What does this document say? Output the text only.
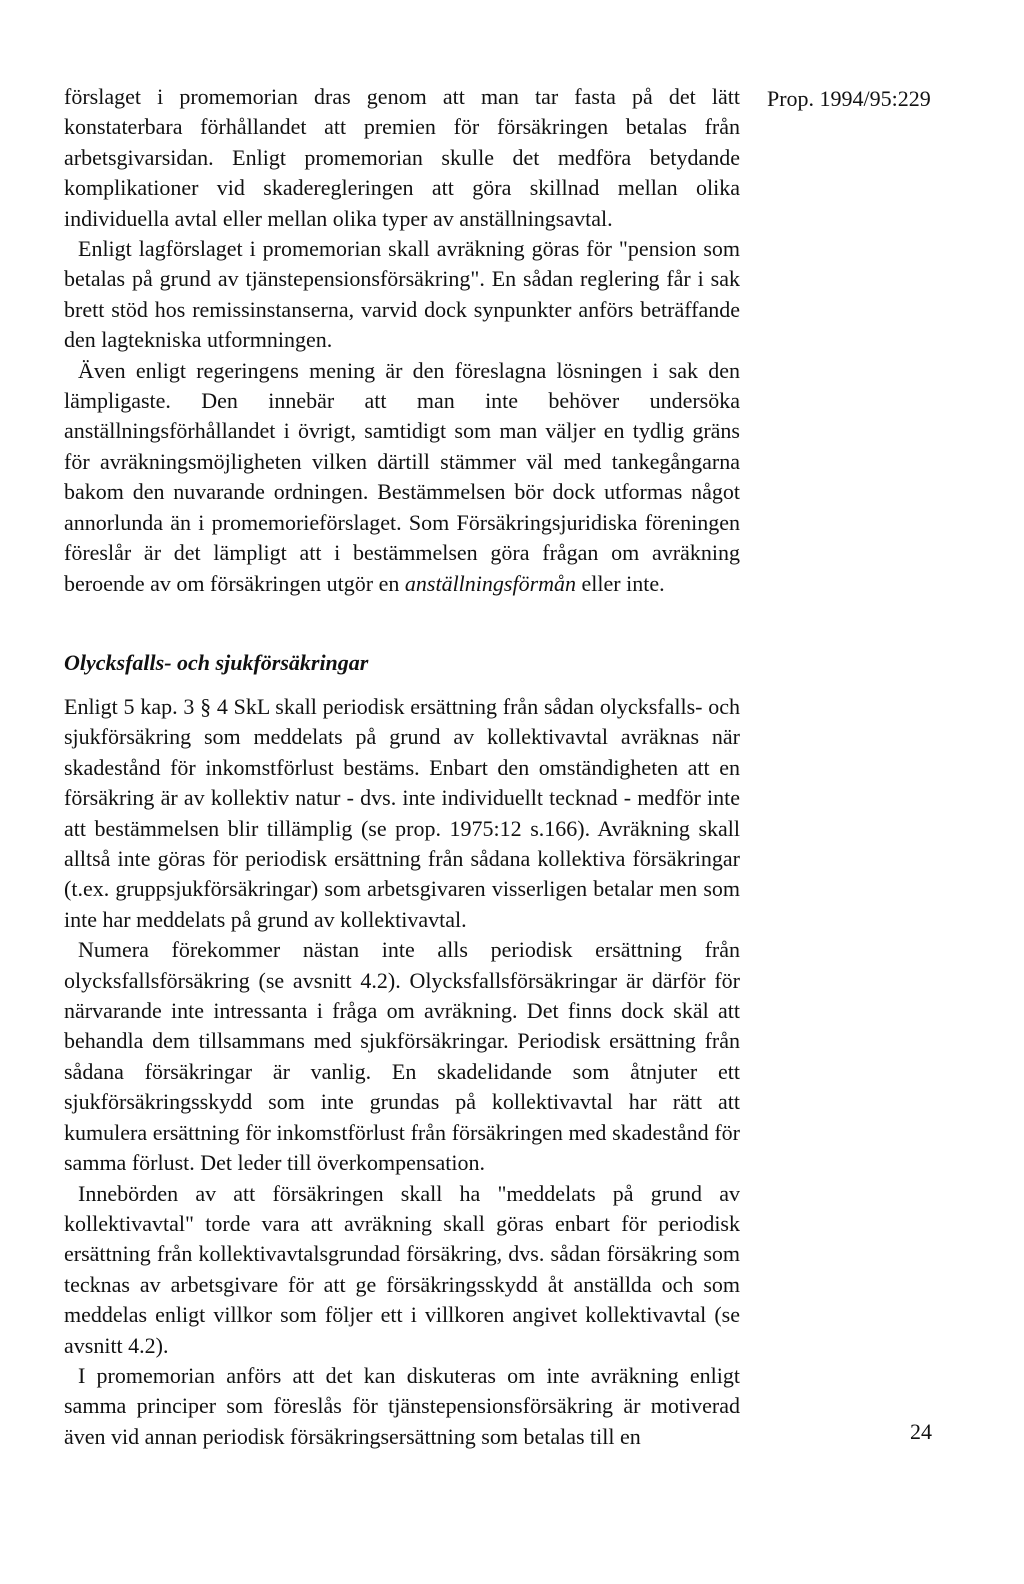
Prop. 1994/95:229

förslaget i promemorian dras genom att man tar fasta på det lätt konstaterbara förhållandet att premien för försäkringen betalas från arbetsgivarsidan. Enligt promemorian skulle det medföra betydande komplikationer vid skaderegleringen att göra skillnad mellan olika individuella avtal eller mellan olika typer av anställningsavtal.

Enligt lagförslaget i promemorian skall avräkning göras för "pension som betalas på grund av tjänstepensionsförsäkring". En sådan reglering får i sak brett stöd hos remissinstanserna, varvid dock synpunkter anförs beträffande den lagtekniska utformningen.

Även enligt regeringens mening är den föreslagna lösningen i sak den lämpligaste. Den innebär att man inte behöver undersöka anställningsförhållandet i övrigt, samtidigt som man väljer en tydlig gräns för avräkningsmöjligheten vilken därtill stämmer väl med tankegångarna bakom den nuvarande ordningen. Bestämmelsen bör dock utformas något annorlunda än i promemorieförslaget. Som Försäkringsjuridiska föreningen föreslår är det lämpligt att i bestämmelsen göra frågan om avräkning beroende av om försäkringen utgör en anställningsförmån eller inte.

Olycksfalls- och sjukförsäkringar

Enligt 5 kap. 3 § 4 SkL skall periodisk ersättning från sådan olycksfalls- och sjukförsäkring som meddelats på grund av kollektivavtal avräknas när skadestånd för inkomstförlust bestäms. Enbart den omständigheten att en försäkring är av kollektiv natur - dvs. inte individuellt tecknad - medför inte att bestämmelsen blir tillämplig (se prop. 1975:12 s.166). Avräkning skall alltså inte göras för periodisk ersättning från sådana kollektiva försäkringar (t.ex. gruppsjukförsäkringar) som arbetsgivaren visserligen betalar men som inte har meddelats på grund av kollektivavtal.

Numera förekommer nästan inte alls periodisk ersättning från olycksfallsförsäkring (se avsnitt 4.2). Olycksfallsförsäkringar är därför för närvarande inte intressanta i fråga om avräkning. Det finns dock skäl att behandla dem tillsammans med sjukförsäkringar. Periodisk ersättning från sådana försäkringar är vanlig. En skadelidande som åtnjuter ett sjukförsäkringsskydd som inte grundas på kollektivavtal har rätt att kumulera ersättning för inkomstförlust från försäkringen med skadestånd för samma förlust. Det leder till överkompensation.

Innebörden av att försäkringen skall ha "meddelats på grund av kollektivavtal" torde vara att avräkning skall göras enbart för periodisk ersättning från kollektivavtalsgrundad försäkring, dvs. sådan försäkring som tecknas av arbetsgivare för att ge försäkringsskydd åt anställda och som meddelas enligt villkor som följer ett i villkoren angivet kollektivavtal (se avsnitt 4.2).

I promemorian anförs att det kan diskuteras om inte avräkning enligt samma principer som föreslås för tjänstepensionsförsäkring är motiverad även vid annan periodisk försäkringsersättning som betalas till en	24
